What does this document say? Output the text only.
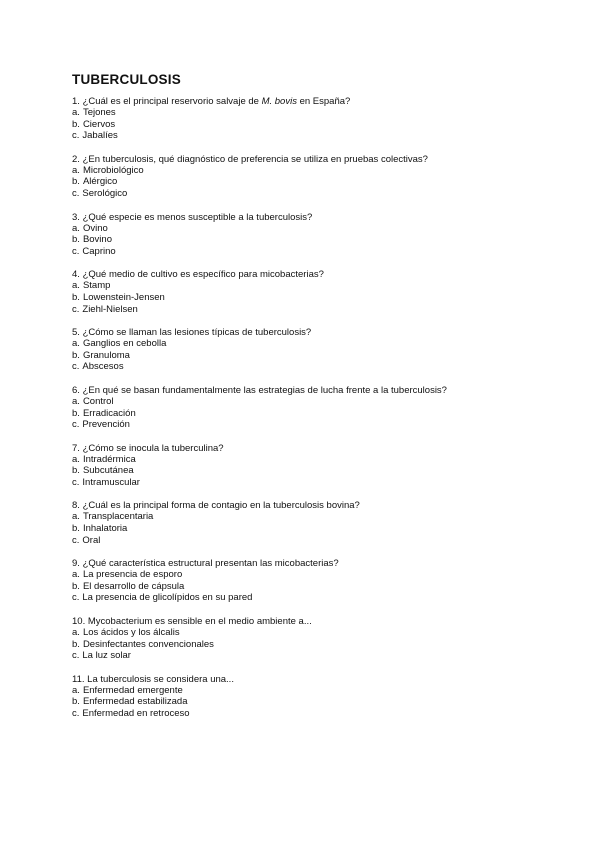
TUBERCULOSIS
1. ¿Cuál es el principal reservorio salvaje de M. bovis en España?
a. Tejones
b. Ciervos
c. Jabalíes
2. ¿En tuberculosis, qué diagnóstico de preferencia se utiliza en pruebas colectivas?
a. Microbiológico
b. Alérgico
c. Serológico
3. ¿Qué especie es menos susceptible a la tuberculosis?
a. Ovino
b. Bovino
c. Caprino
4. ¿Qué medio de cultivo es específico para micobacterias?
a. Stamp
b. Lowenstein-Jensen
c. Ziehl-Nielsen
5. ¿Cómo se llaman las lesiones típicas de tuberculosis?
a. Ganglios en cebolla
b. Granuloma
c. Abscesos
6. ¿En qué se basan fundamentalmente las estrategias de lucha frente a la tuberculosis?
a. Control
b. Erradicación
c. Prevención
7. ¿Cómo se inocula la tuberculina?
a. Intradérmica
b. Subcutánea
c. Intramuscular
8. ¿Cuál es la principal forma de contagio en la tuberculosis bovina?
a. Transplacentaria
b. Inhalatoria
c. Oral
9. ¿Qué característica estructural presentan las micobacterias?
a. La presencia de esporo
b. El desarrollo de cápsula
c. La presencia de glicolípidos en su pared
10. Mycobacterium es sensible en el medio ambiente a...
a. Los ácidos y los álcalis
b. Desinfectantes convencionales
c. La luz solar
11. La tuberculosis se considera una...
a. Enfermedad emergente
b. Enfermedad estabilizada
c. Enfermedad en retroceso
